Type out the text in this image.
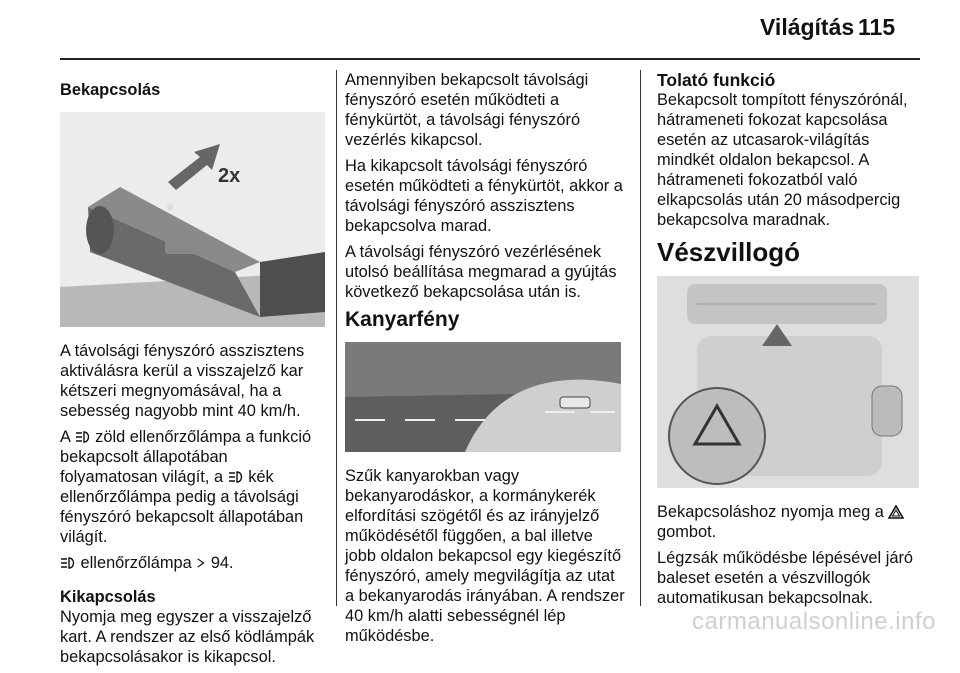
Világítás 115
Bekapcsolás
2x

A távolsági fényszóró asszisztens aktiválásra kerül a visszajelző kar kétszeri megnyomásával, ha a sebesség nagyobb mint 40 km/h.

A  zöld ellenőrzőlámpa a funkció bekapcsolt állapotában folyamatosan világít, a  kék ellenőrzőlámpa pedig a távolsági fényszóró bekapcsolt állapotában világít.

ellenőrzőlámpa  94.

Kikapcsolás

Nyomja meg egyszer a visszajelző kart. A rendszer az első ködlámpák bekapcsolásakor is kikapcsol.

Amennyiben bekapcsolt távolsági fényszóró esetén működteti a fénykürtöt, a távolsági fényszóró vezérlés kikapcsol.

Ha kikapcsolt távolsági fényszóró esetén működteti a fénykürtöt, akkor a távolsági fényszóró asszisztens bekapcsolva marad.

A távolsági fényszóró vezérlésének utolsó beállítása megmarad a gyújtás következő bekapcsolása után is.

Kanyarfény

Szűk kanyarokban vagy bekanyarodáskor, a kormánykerék elfordítási szögétől és az irányjelző működésétől függően, a bal illetve jobb oldalon bekapcsol egy kiegészítő fényszóró, amely megvilágítja az utat a bekanyarodás irányában. A rendszer 40 km/h alatti sebességnél lép működésbe.

Tolató funkció

Bekapcsolt tompított fényszórónál, hátrameneti fokozat kapcsolása esetén az utcasarok-világítás mindkét oldalon bekapcsol. A hátrameneti fokozatból való elkapcsolás után 20 másodpercig bekapcsolva maradnak.

Vészvillogó

Bekapcsoláshoz nyomja meg a  gombot.

Légzsák működésbe lépésével járó baleset esetén a vészvillogók automatikusan bekapcsolnak.

carmanualsonline.info
